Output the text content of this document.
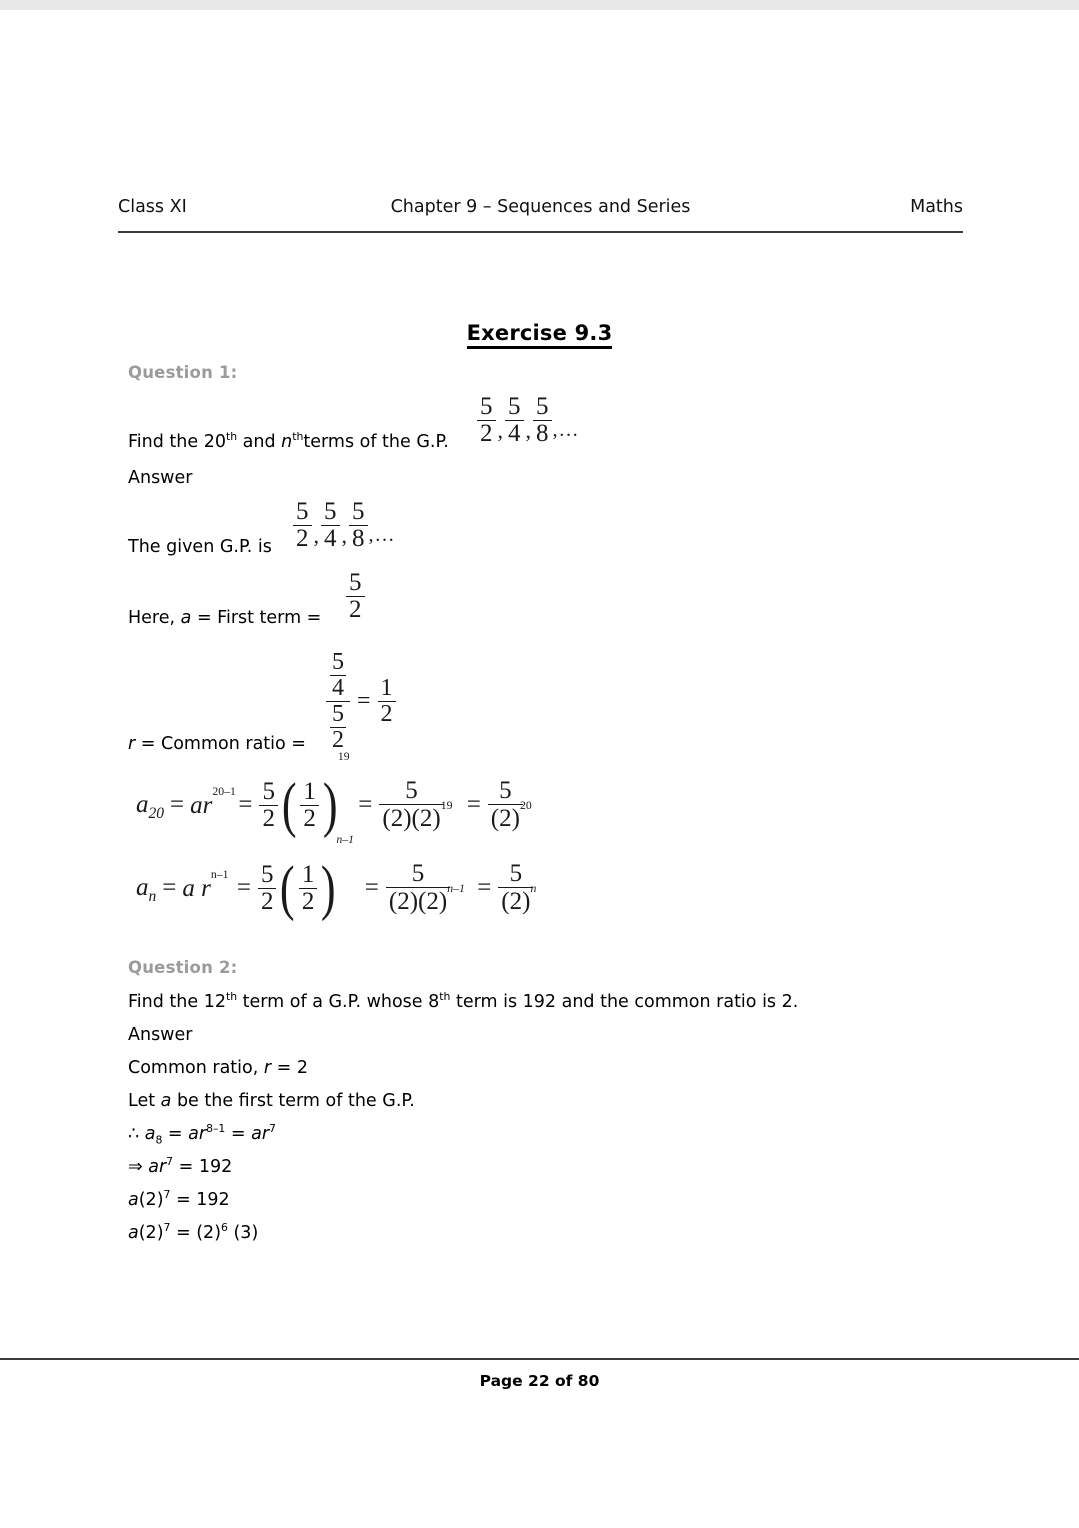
Class XI	Chapter 9 – Sequences and Series	Maths
Exercise 9.3
Question 1:
Find the 20th and $n^{th}terms$ of the G.P. $\frac{5}{2}$ , $\frac{5}{4}$ , $\frac{5}{8}$ ,…
Answer
The given G.P. is $\frac{5}{2}$ , $\frac{5}{4}$ , $\frac{5}{8}$ ,…
Here, a = First term = $\frac{5}{2}$
r = Common ratio = $\frac{\frac{5}{4}}{\frac{5}{2}} = \frac{1}{2}$
$a_{20}$ = ar
20–1
= $\frac{5}{2}$ ( $\frac{1}{2}$ )
19
= $\frac{5}{(2)(2) 19} = \frac{5}{(2) 20}$
$a_n = a$ r
n–1
= $\frac{5}{2}$ ( $\frac{1}{2}$ )
n–1
= $\frac{5}{(2)(2) n-1}$	= $\frac{5}{(2) n}$
Question 2:
Find the 12th term of a G.P. whose 8th term is 192 and the common ratio is 2.
Answer
Common ratio, r = 2
Let a be the first term of the G.P.
∴ $a_8 = ar^{8-1} = ar^7$
⇒ $ar^7 = 192$
$a(2)^7 = 192$
$a(2)^7 = (2)^6$ (3)
Page 22 of 80
